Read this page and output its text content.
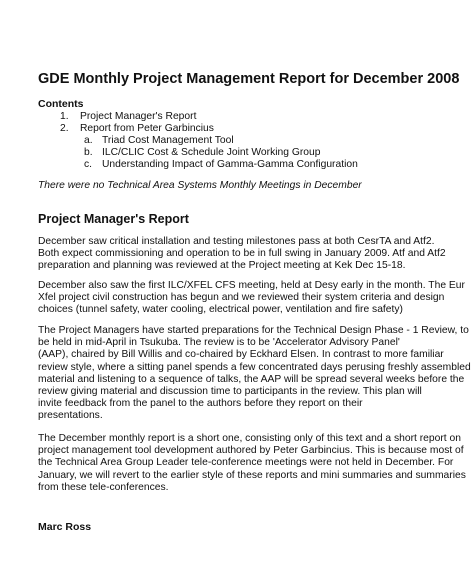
GDE Monthly Project Management Report for December 2008
Contents
1. Project Manager's Report
2. Report from Peter Garbincius
a. Triad Cost Management Tool
b. ILC/CLIC Cost & Schedule Joint Working Group
c. Understanding Impact of Gamma-Gamma Configuration
There were no Technical Area Systems Monthly Meetings in December
Project Manager's Report
December saw critical installation and testing milestones pass at both CesrTA and Atf2.
Both expect commissioning and operation to be in full swing in January 2009. Atf and Atf2
preparation and planning was reviewed at the Project meeting at Kek Dec 15-18.
December also saw the first ILC/XFEL CFS meeting, held at Desy early in the month. The Eur
Xfel project civil construction has begun and we reviewed their system criteria and design
choices (tunnel safety, water cooling, electrical power, ventilation and fire safety)
The Project Managers have started preparations for the Technical Design Phase - 1 Review, to
be held in mid-April in Tsukuba. The review is to be 'Accelerator Advisory Panel'
(AAP), chaired by Bill Willis and co-chaired by Eckhard Elsen. In contrast to more familiar
review style, where a sitting panel spends a few concentrated days perusing freshly assembled
material and listening to a sequence of talks, the AAP will be spread several weeks before the
review giving material and discussion time to participants in the review. This plan will
invite feedback from the panel to the authors before they report on their
presentations.
The December monthly report is a short one, consisting only of this text and a short report on
project management tool development authored by Peter Garbincius. This is because most of
the Technical Area Group Leader tele-conference meetings were not held in December. For
January, we will revert to the earlier style of these reports and mini summaries and summaries
from these tele-conferences.
Marc Ross
